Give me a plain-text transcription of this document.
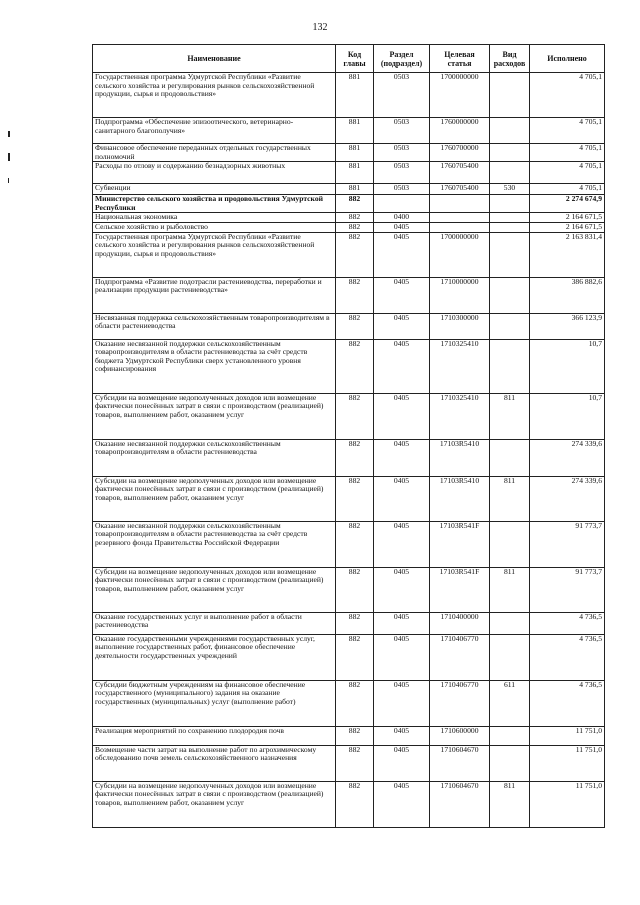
132
Наименование	Код главы	Раздел (подраздел)	Целевая статья	Вид расходов	Исполнено
Государственная программа Удмуртской Республики «Развитие сельского хозяйства и регулирования рынков сельскохозяйственной продукции, сырья и продовольствия»	881	0503	1700000000		4 705,1
Подпрограмма «Обеспечение эпизоотического, ветеринарно-санитарного благополучия»	881	0503	1760000000		4 705,1
Финансовое обеспечение переданных отдельных государственных полномочий	881	0503	1760700000		4 705,1
Расходы по отлову и содержанию безнадзорных животных	881	0503	1760705400		4 705,1
Субвенции	881	0503	1760705400	530	4 705,1
Министерство сельского хозяйства и продовольствия Удмуртской Республики	882				2 274 674,9
Национальная экономика	882	0400			2 164 671,5
Сельское хозяйство и рыболовство	882	0405			2 164 671,5
Государственная программа Удмуртской Республики «Развитие сельского хозяйства и регулирования рынков сельскохозяйственной продукции, сырья и продовольствия»	882	0405	1700000000		2 163 831,4
Подпрограмма «Развитие подотрасли растениеводства, переработки и реализации продукции растениеводства»	882	0405	1710000000		386 882,6
Несвязанная поддержка сельскохозяйственным товаропроизводителям в области растениеводства	882	0405	1710300000		366 123,9
Оказание несвязанной поддержки сельскохозяйственным товаропроизводителям в области растениеводства за счёт средств бюджета Удмуртской Республики сверх установленного уровня софинансирования	882	0405	1710325410		10,7
Субсидии на возмещение недополученных доходов или возмещение фактически понесённых затрат в связи с производством (реализацией) товаров, выполнением работ, оказанием услуг	882	0405	1710325410	811	10,7
Оказание несвязанной поддержки сельскохозяйственным товаропроизводителям в области растениеводства	882	0405	17103R5410		274 339,6
Субсидии на возмещение недополученных доходов или возмещение фактически понесённых затрат в связи с производством (реализацией) товаров, выполнением работ, оказанием услуг	882	0405	17103R5410	811	274 339,6
Оказание несвязанной поддержки сельскохозяйственным товаропроизводителям в области растениеводства за счёт средств резервного фонда Правительства Российской Федерации	882	0405	17103R541F		91 773,7
Субсидии на возмещение недополученных доходов или возмещение фактически понесённых затрат в связи с производством (реализацией) товаров, выполнением работ, оказанием услуг	882	0405	17103R541F	811	91 773,7
Оказание государственных услуг и выполнение работ в области растениеводства	882	0405	1710400000		4 736,5
Оказание государственными учреждениями государственных услуг, выполнение государственных работ, финансовое обеспечение деятельности государственных учреждений	882	0405	1710406770		4 736,5
Субсидии бюджетным учреждениям на финансовое обеспечение государственного (муниципального) задания на оказание государственных (муниципальных) услуг (выполнение работ)	882	0405	1710406770	611	4 736,5
Реализация мероприятий по сохранению плодородия почв	882	0405	1710600000		11 751,0
Возмещение части затрат на выполнение работ по агрохимическому обследованию почв земель сельскохозяйственного назначения	882	0405	1710604670		11 751,0
Субсидии на возмещение недополученных доходов или возмещение фактически понесённых затрат в связи с производством (реализацией) товаров, выполнением работ, оказанием услуг	882	0405	1710604670	811	11 751,0
